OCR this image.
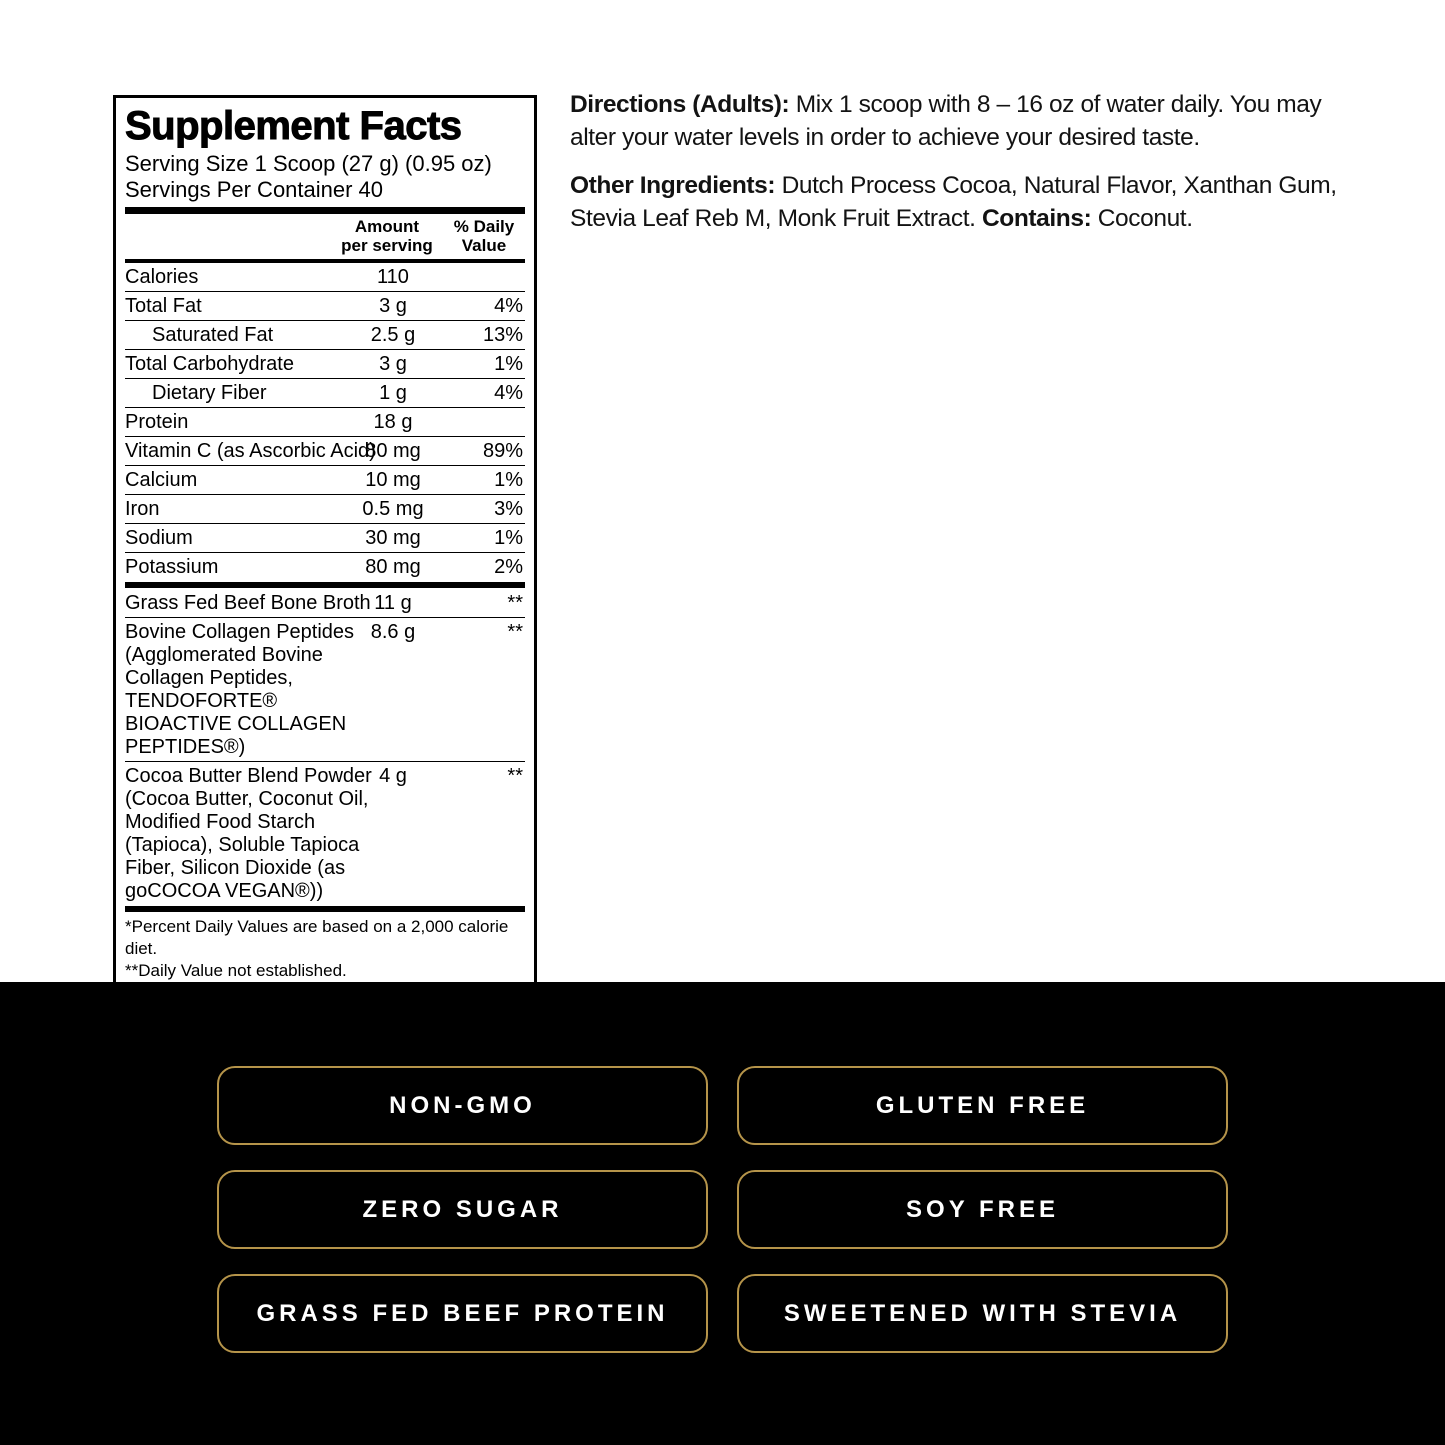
Supplement Facts
Serving Size 1 Scoop (27 g) (0.95 oz)
Servings Per Container 40
Amount
per serving
% Daily
Value
Calories	110
Total Fat	3 g	4%
Saturated Fat	2.5 g	13%
Total Carbohydrate	3 g	1%
Dietary Fiber	1 g	4%
Protein	18 g
Vitamin C (as Ascorbic Acid)
80 mg	89%
Calcium	10 mg	1%
Iron	0.5 mg	3%
Sodium	30 mg	1%
Potassium	80 mg	2%
Grass Fed Beef Bone Broth 11 g	**
Bovine Collagen Peptides (Agglomerated Bovine Collagen Peptides, TENDOFORTE® BIOACTIVE COLLAGEN PEPTIDES®)
8.6 g	**
Cocoa Butter Blend Powder (Cocoa Butter, Coconut Oil, Modified Food Starch (Tapioca), Soluble Tapioca Fiber, Silicon Dioxide (as goCOCOA VEGAN®))
4 g	**
*Percent Daily Values are based on a 2,000 calorie diet.
**Daily Value not established.

Directions (Adults): Mix 1 scoop with 8 – 16 oz of water daily. You may
alter your water levels in order to achieve your desired taste.

Other Ingredients: Dutch Process Cocoa, Natural Flavor, Xanthan Gum,
Stevia Leaf Reb M, Monk Fruit Extract. Contains: Coconut.

NON-GMO	GLUTEN FREE
ZERO SUGAR	SOY FREE
GRASS FED BEEF PROTEIN	SWEETENED WITH STEVIA
